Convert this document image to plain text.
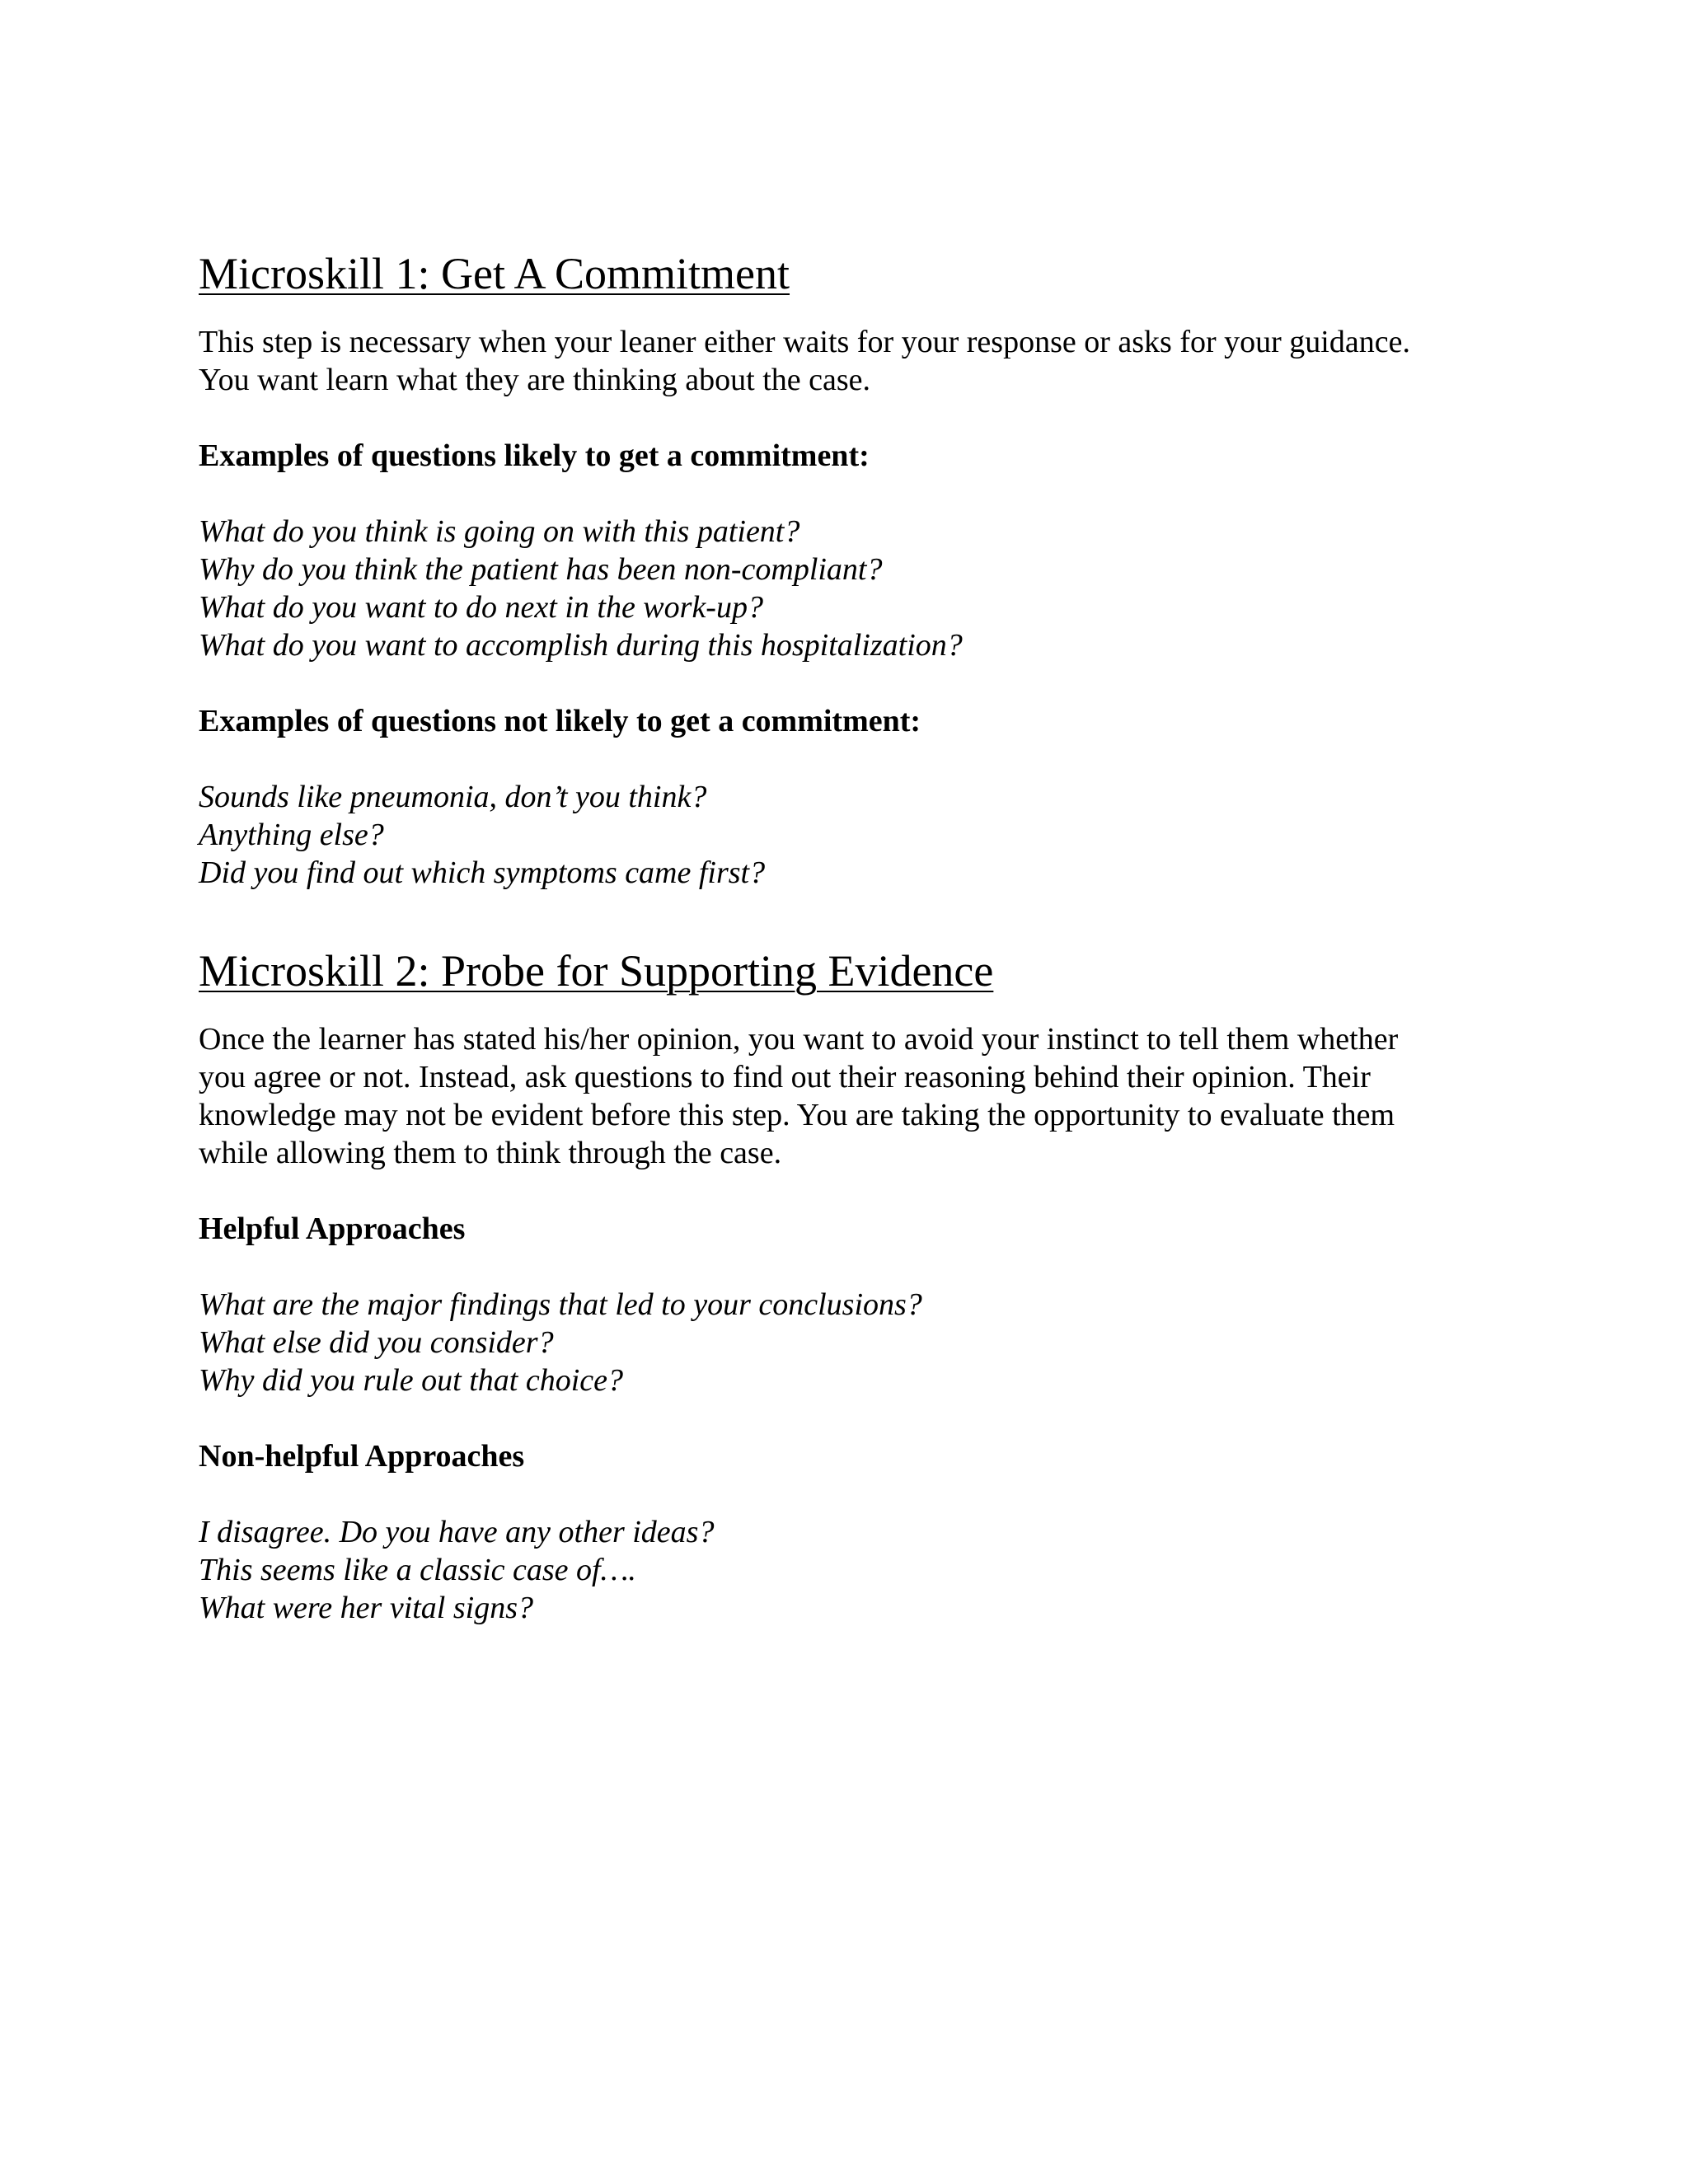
Microskill 1: Get A Commitment

This step is necessary when your leaner either waits for your response or asks for your guidance.

You want learn what they are thinking about the case.

Examples of questions likely to get a commitment:

What do you think is going on with this patient?
Why do you think the patient has been non-compliant?
What do you want to do next in the work-up?
What do you want to accomplish during this hospitalization?

Examples of questions not likely to get a commitment:

Sounds like pneumonia, don’t you think?
Anything else?
Did you find out which symptoms came first?
Microskill 2: Probe for Supporting Evidence

Once the learner has stated his/her opinion, you want to avoid your instinct to tell them whether

you agree or not. Instead, ask questions to find out their reasoning behind their opinion. Their

knowledge may not be evident before this step. You are taking the opportunity to evaluate them

while allowing them to think through the case.

Helpful Approaches

What are the major findings that led to your conclusions?
What else did you consider?
Why did you rule out that choice?

Non-helpful Approaches

I disagree. Do you have any other ideas?
This seems like a classic case of….
What were her vital signs?
